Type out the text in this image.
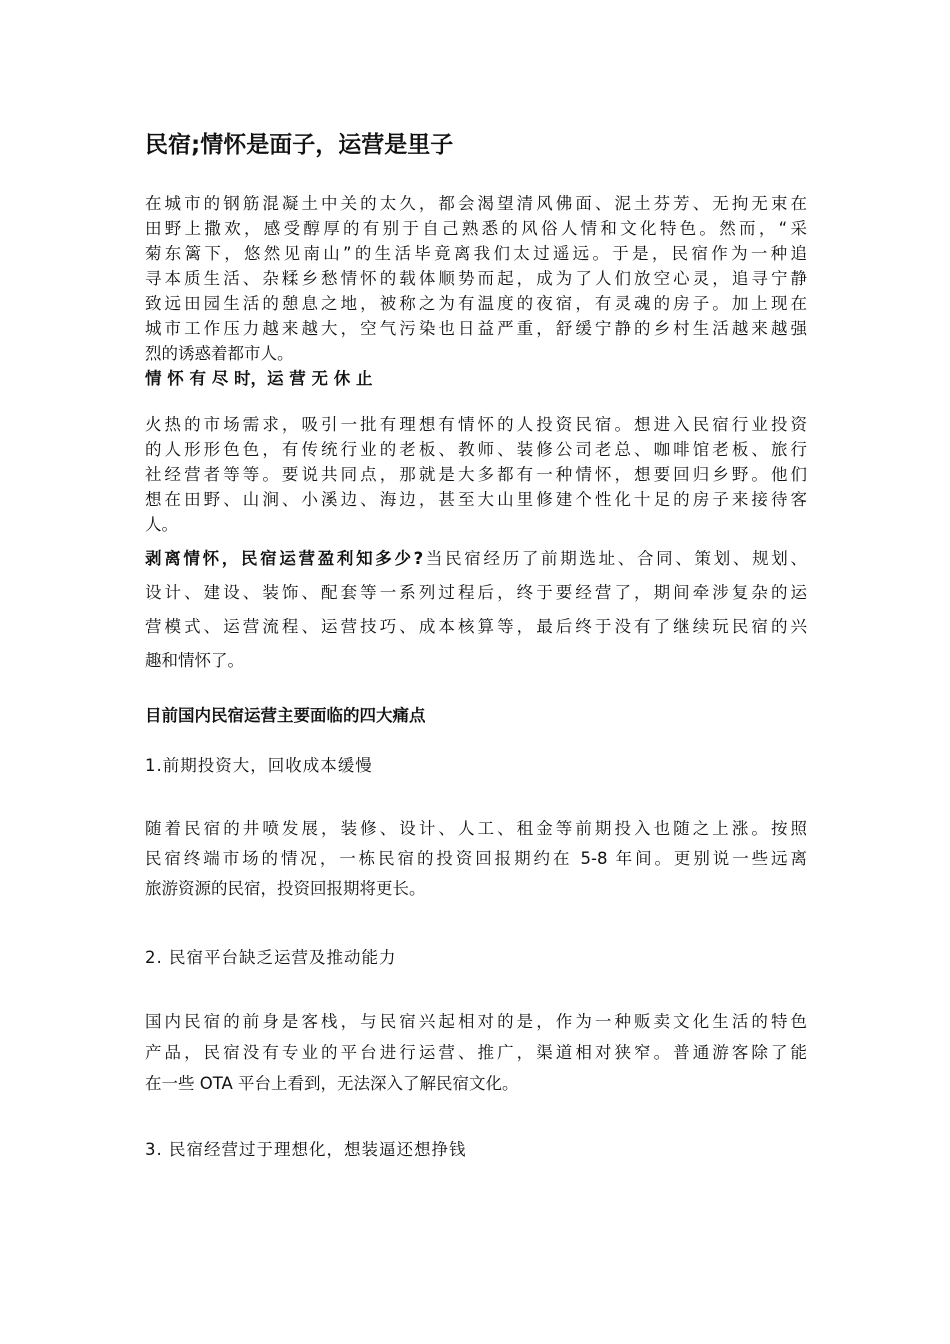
民宿;情怀是面子，运营是里子
在城市的钢筋混凝土中关的太久，都会渴望清风佛面、泥土芬芳、无拘无束在
田野上撒欢，感受醇厚的有别于自己熟悉的风俗人情和文化特色。然而，“采
菊东篱下，悠然见南山”的生活毕竟离我们太过遥远。于是，民宿作为一种追
寻本质生活、杂糅乡愁情怀的载体顺势而起，成为了人们放空心灵，追寻宁静
致远田园生活的憩息之地，被称之为有温度的夜宿，有灵魂的房子。加上现在
城市工作压力越来越大，空气污染也日益严重，舒缓宁静的乡村生活越来越强
烈的诱惑着都市人。
情 怀 有 尽 时，运 营 无 休 止
火热的市场需求，吸引一批有理想有情怀的人投资民宿。想进入民宿行业投资
的人形形色色，有传统行业的老板、教师、装修公司老总、咖啡馆老板、旅行
社经营者等等。要说共同点，那就是大多都有一种情怀，想要回归乡野。他们
想在田野、山涧、小溪边、海边，甚至大山里修建个性化十足的房子来接待客
人。
剥离情怀，民宿运营盈利知多少?当民宿经历了前期选址、合同、策划、规划、
设计、建设、装饰、配套等一系列过程后，终于要经营了，期间牵涉复杂的运
营模式、运营流程、运营技巧、成本核算等，最后终于没有了继续玩民宿的兴
趣和情怀了。
目前国内民宿运营主要面临的四大痛点
1.前期投资大，回收成本缓慢
随着民宿的井喷发展，装修、设计、人工、租金等前期投入也随之上涨。按照
民宿终端市场的情况，一栋民宿的投资回报期约在 5-8 年间。更别说一些远离
旅游资源的民宿，投资回报期将更长。
2. 民宿平台缺乏运营及推动能力
国内民宿的前身是客栈，与民宿兴起相对的是，作为一种贩卖文化生活的特色
产品，民宿没有专业的平台进行运营、推广，渠道相对狭窄。普通游客除了能
在一些 OTA 平台上看到，无法深入了解民宿文化。
3. 民宿经营过于理想化，想装逼还想挣钱
